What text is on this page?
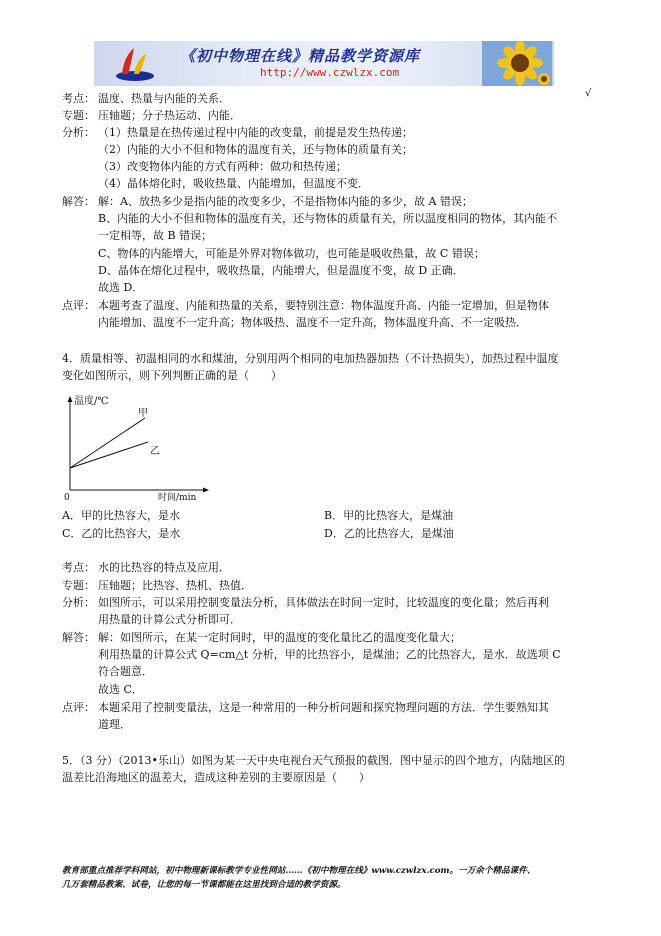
《初中物理在线》精品教学资源库
http://www.czwlzx.com
√
考点： 温度、热量与内能的关系．
专题： 压轴题；分子热运动、内能．
分析： （1）热量是在热传递过程中内能的改变量，前提是发生热传递；
（2）内能的大小不但和物体的温度有关，还与物体的质量有关；
（3）改变物体内能的方式有两种：做功和热传递；
（4）晶体熔化时，吸收热量、内能增加，但温度不变．
解答： 解：A、放热多少是指内能的改变多少，不是指物体内能的多少，故 A 错误；
B、内能的大小不但和物体的温度有关，还与物体的质量有关，所以温度相同的物体，其内能不
一定相等，故 B 错误；
C、物体的内能增大，可能是外界对物体做功，也可能是吸收热量，故 C 错误；
D、晶体在熔化过程中，吸收热量，内能增大，但是温度不变，故 D 正确．
故选 D．
点评： 本题考查了温度、内能和热量的关系，要特别注意：物体温度升高、内能一定增加，但是物体
内能增加、温度不一定升高；物体吸热、温度不一定升高，物体温度升高、不一定吸热．
4．质量相等、初温相同的水和煤油，分别用两个相同的电加热器加热（不计热损失），加热过程中温度
变化如图所示，则下列判断正确的是（　　）
温度/℃
甲
乙
0	时间/min
A．甲的比热容大，是水	B．甲的比热容大，是煤油
C．乙的比热容大，是水	D．乙的比热容大，是煤油
考点： 水的比热容的特点及应用．
专题： 压轴题；比热容、热机、热值．
分析： 如图所示，可以采用控制变量法分析，具体做法在时间一定时，比较温度的变化量；然后再利
用热量的计算公式分析即可．
解答： 解：如图所示，在某一定时间时，甲的温度的变化量比乙的温度变化量大；
利用热量的计算公式 Q=cm△t 分析，甲的比热容小，是煤油；乙的比热容大，是水．故选项 C
符合题意．
故选 C．
点评： 本题采用了控制变量法，这是一种常用的一种分析问题和探究物理问题的方法．学生要熟知其
道理．
5．（3 分）（2013•乐山）如图为某一天中央电视台天气预报的截图．图中显示的四个地方，内陆地区的
温差比沿海地区的温差大，造成这种差别的主要原因是（　　）
教育部重点推荐学科网站，初中物理新课标教学专业性网站……《初中物理在线》www.czwlzx.com。一万余个精品课件、
几万套精品教案、试卷，让您的每一节课都能在这里找到合适的教学资源。
